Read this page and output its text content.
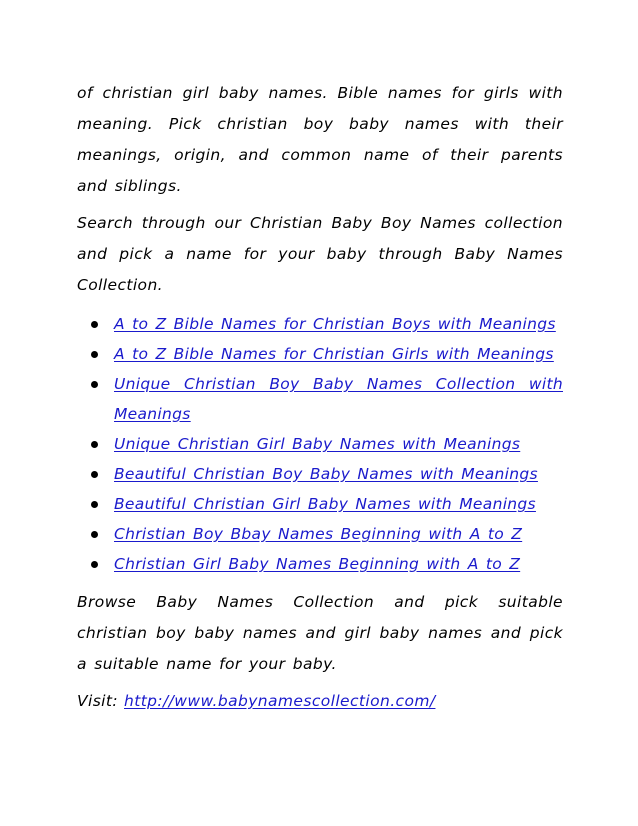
of christian girl baby names. Bible names for girls with meaning. Pick christian boy baby names with their meanings, origin, and common name of their parents and siblings.

Search through our Christian Baby Boy Names collection and pick a name for your baby through Baby Names Collection.

A to Z Bible Names for Christian Boys with Meanings
A to Z Bible Names for Christian Girls with Meanings
Unique Christian Boy Baby Names Collection with Meanings
Unique Christian Girl Baby Names with Meanings
Beautiful Christian Boy Baby Names with Meanings
Beautiful Christian Girl Baby Names with Meanings
Christian Boy Bbay Names Beginning with A to Z
Christian Girl Baby Names Beginning with A to Z

Browse Baby Names Collection and pick suitable christian boy baby names and girl baby names and pick a suitable name for your baby.

Visit: http://www.babynamescollection.com/
